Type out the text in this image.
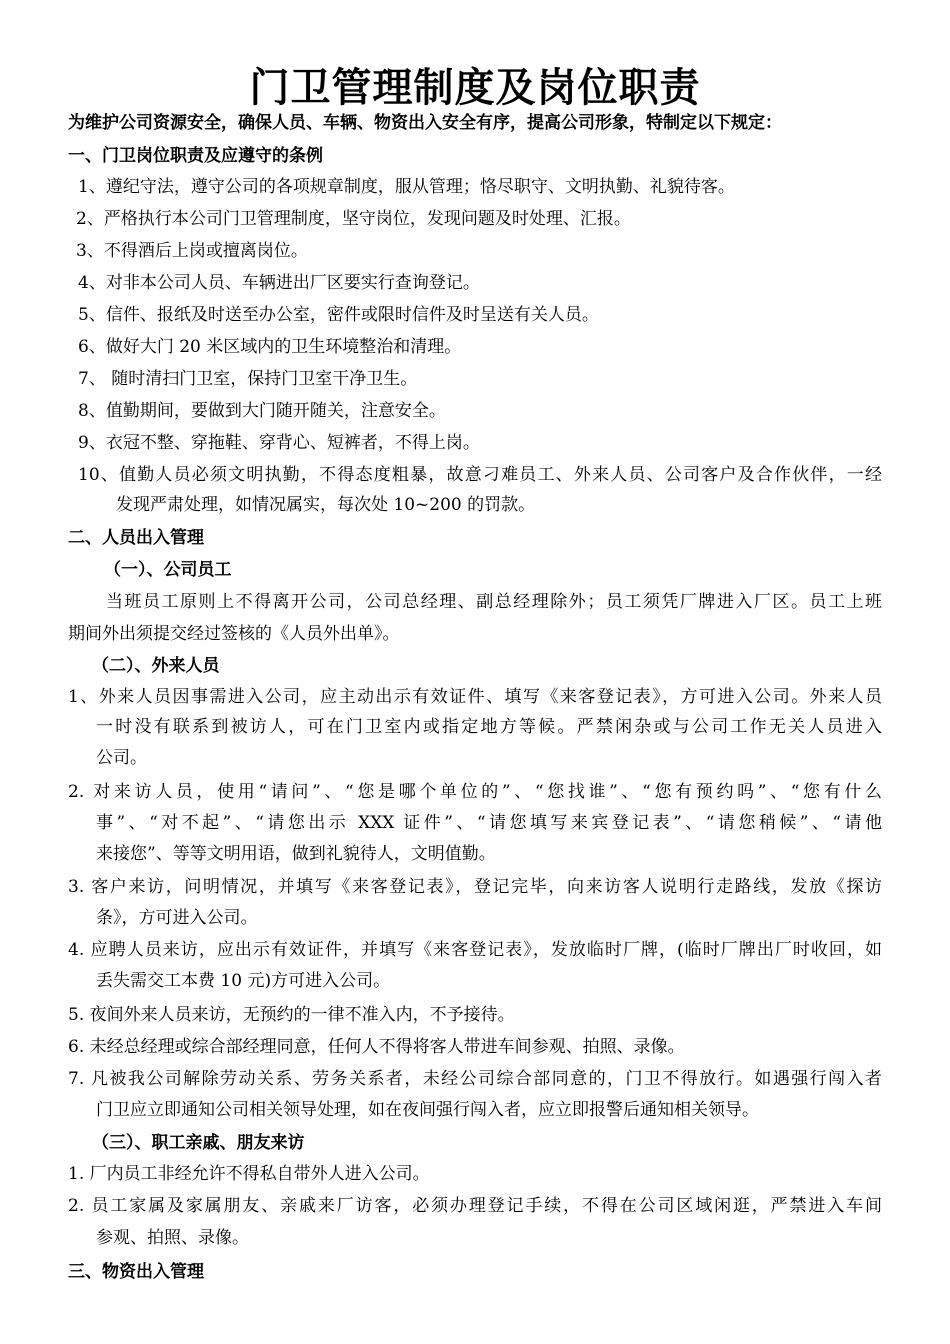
门卫管理制度及岗位职责
为维护公司资源安全，确保人员、车辆、物资出入安全有序，提高公司形象，特制定以下规定：
一、门卫岗位职责及应遵守的条例
1、遵纪守法，遵守公司的各项规章制度，服从管理；恪尽职守、文明执勤、礼貌待客。
2、严格执行本公司门卫管理制度，坚守岗位，发现问题及时处理、汇报。
3、不得酒后上岗或擅离岗位。
4、对非本公司人员、车辆进出厂区要实行查询登记。
5、信件、报纸及时送至办公室，密件或限时信件及时呈送有关人员。
6、做好大门 20 米区域内的卫生环境整治和清理。
7、 随时清扫门卫室，保持门卫室干净卫生。
8、值勤期间，要做到大门随开随关，注意安全。
9、衣冠不整、穿拖鞋、穿背心、短裤者，不得上岗。
10、值勤人员必须文明执勤，不得态度粗暴，故意刁难员工、外来人员、公司客户及合作伙伴，一经
发现严肃处理，如情况属实，每次处 10~200 的罚款。
二、人员出入管理
（一）、公司员工
当班员工原则上不得离开公司，公司总经理、副总经理除外；员工须凭厂牌进入厂区。员工上班
期间外出须提交经过签核的《人员外出单》。
（二）、外来人员
1、外来人员因事需进入公司，应主动出示有效证件、填写《来客登记表》，方可进入公司。外来人员
一时没有联系到被访人，可在门卫室内或指定地方等候。严禁闲杂或与公司工作无关人员进入
公司。
2. 对来访人员，使用“请问”、“您是哪个单位的”、“您找谁”、“您有预约吗”、“您有什么
事”、“对不起”、“请您出示 XXX 证件”、“请您填写来宾登记表”、“请您稍候”、“请他
来接您”、等等文明用语，做到礼貌待人，文明值勤。
3. 客户来访，问明情况，并填写《来客登记表》，登记完毕，向来访客人说明行走路线，发放《探访
条》，方可进入公司。
4. 应聘人员来访，应出示有效证件，并填写《来客登记表》，发放临时厂牌，(临时厂牌出厂时收回，如
丢失需交工本费 10 元)方可进入公司。
5. 夜间外来人员来访，无预约的一律不准入内，不予接待。
6. 未经总经理或综合部经理同意，任何人不得将客人带进车间参观、拍照、录像。
7. 凡被我公司解除劳动关系、劳务关系者，未经公司综合部同意的，门卫不得放行。如遇强行闯入者
门卫应立即通知公司相关领导处理，如在夜间强行闯入者，应立即报警后通知相关领导。
（三）、职工亲戚、朋友来访
1. 厂内员工非经允许不得私自带外人进入公司。
2. 员工家属及家属朋友、亲戚来厂访客，必须办理登记手续，不得在公司区域闲逛，严禁进入车间
参观、拍照、录像。
三、物资出入管理
